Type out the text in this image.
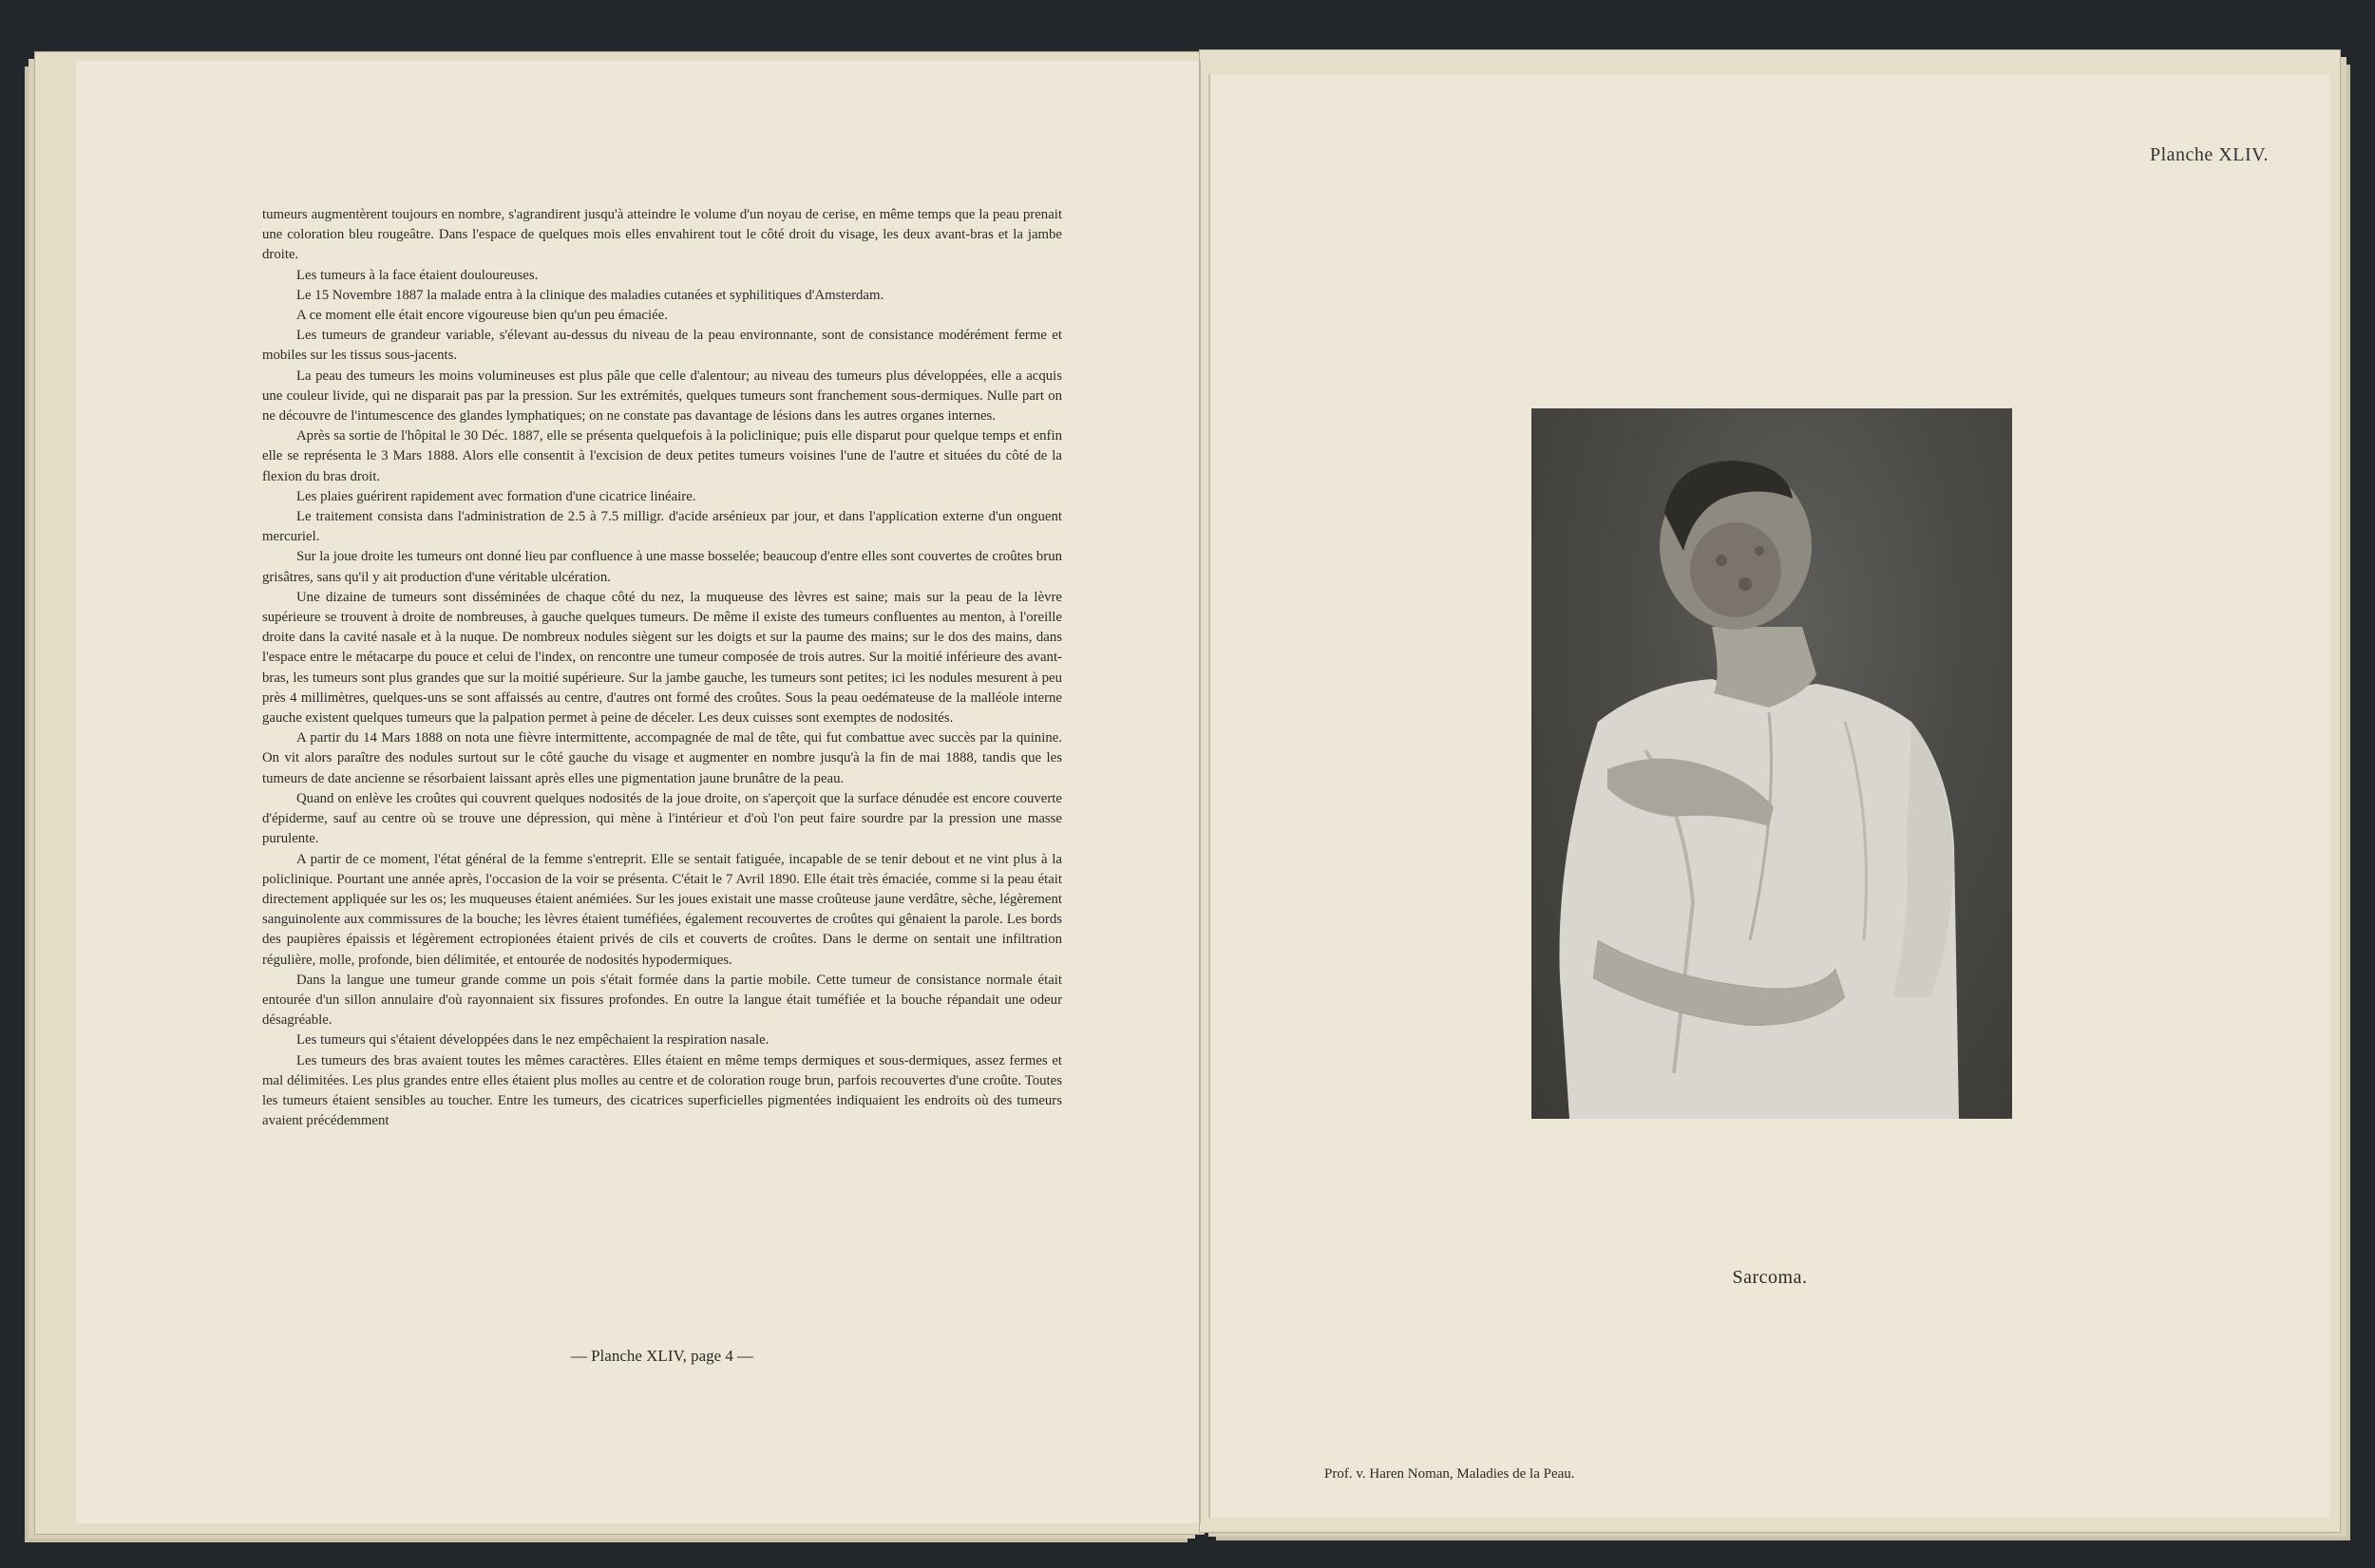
tumeurs augmentèrent toujours en nombre, s'agrandirent jusqu'à atteindre le volume d'un noyau de cerise, en même temps que la peau prenait une coloration bleu rougeâtre. Dans l'espace de quelques mois elles envahirent tout le côté droit du visage, les deux avant-bras et la jambe droite.

Les tumeurs à la face étaient douloureuses.

Le 15 Novembre 1887 la malade entra à la clinique des maladies cutanées et syphilitiques d'Amsterdam.

A ce moment elle était encore vigoureuse bien qu'un peu émaciée.

Les tumeurs de grandeur variable, s'élevant au-dessus du niveau de la peau environnante, sont de consistance modérément ferme et mobiles sur les tissus sous-jacents.

La peau des tumeurs les moins volumineuses est plus pâle que celle d'alentour; au niveau des tumeurs plus développées, elle a acquis une couleur livide, qui ne disparait pas par la pression. Sur les extrémités, quelques tumeurs sont franchement sous-dermiques. Nulle part on ne découvre de l'intumescence des glandes lymphatiques; on ne constate pas davantage de lésions dans les autres organes internes.

Après sa sortie de l'hôpital le 30 Déc. 1887, elle se présenta quelquefois à la policlinique; puis elle disparut pour quelque temps et enfin elle se représenta le 3 Mars 1888. Alors elle consentit à l'excision de deux petites tumeurs voisines l'une de l'autre et situées du côté de la flexion du bras droit.

Les plaies guérirent rapidement avec formation d'une cicatrice linéaire.

Le traitement consista dans l'administration de 2.5 à 7.5 milligr. d'acide arsénieux par jour, et dans l'application externe d'un onguent mercuriel.

Sur la joue droite les tumeurs ont donné lieu par confluence à une masse bosselée; beaucoup d'entre elles sont couvertes de croûtes brun grisâtres, sans qu'il y ait production d'une véritable ulcération.

Une dizaine de tumeurs sont disséminées de chaque côté du nez, la muqueuse des lèvres est saine; mais sur la peau de la lèvre supérieure se trouvent à droite de nombreuses, à gauche quelques tumeurs. De même il existe des tumeurs confluentes au menton, à l'oreille droite dans la cavité nasale et à la nuque. De nombreux nodules siègent sur les doigts et sur la paume des mains; sur le dos des mains, dans l'espace entre le métacarpe du pouce et celui de l'index, on rencontre une tumeur composée de trois autres. Sur la moitié inférieure des avant-bras, les tumeurs sont plus grandes que sur la moitié supérieure. Sur la jambe gauche, les tumeurs sont petites; ici les nodules mesurent à peu près 4 millimètres, quelques-uns se sont affaissés au centre, d'autres ont formé des croûtes. Sous la peau oedémateuse de la malléole interne gauche existent quelques tumeurs que la palpation permet à peine de déceler. Les deux cuisses sont exemptes de nodosités.

A partir du 14 Mars 1888 on nota une fièvre intermittente, accompagnée de mal de tête, qui fut combattue avec succès par la quinine. On vit alors paraître des nodules surtout sur le côté gauche du visage et augmenter en nombre jusqu'à la fin de mai 1888, tandis que les tumeurs de date ancienne se résorbaient laissant après elles une pigmentation jaune brunâtre de la peau.

Quand on enlève les croûtes qui couvrent quelques nodosités de la joue droite, on s'aperçoit que la surface dénudée est encore couverte d'épiderme, sauf au centre où se trouve une dépression, qui mène à l'intérieur et d'où l'on peut faire sourdre par la pression une masse purulente.

A partir de ce moment, l'état général de la femme s'entreprit. Elle se sentait fatiguée, incapable de se tenir debout et ne vint plus à la policlinique. Pourtant une année après, l'occasion de la voir se présenta. C'était le 7 Avril 1890. Elle était très émaciée, comme si la peau était directement appliquée sur les os; les muqueuses étaient anémiées. Sur les joues existait une masse croûteuse jaune verdâtre, sèche, légèrement sanguinolente aux commissures de la bouche; les lèvres étaient tuméfiées, également recouvertes de croûtes qui gênaient la parole. Les bords des paupières épaissis et légèrement ectropionées étaient privés de cils et couverts de croûtes. Dans le derme on sentait une infiltration régulière, molle, profonde, bien délimitée, et entourée de nodosités hypodermiques.

Dans la langue une tumeur grande comme un pois s'était formée dans la partie mobile. Cette tumeur de consistance normale était entourée d'un sillon annulaire d'où rayonnaient six fissures profondes. En outre la langue était tuméfiée et la bouche répandait une odeur désagréable.

Les tumeurs qui s'étaient développées dans le nez empêchaient la respiration nasale.

Les tumeurs des bras avaient toutes les mêmes caractères. Elles étaient en même temps dermiques et sous-dermiques, assez fermes et mal délimitées. Les plus grandes entre elles étaient plus molles au centre et de coloration rouge brun, parfois recouvertes d'une croûte. Toutes les tumeurs étaient sensibles au toucher. Entre les tumeurs, des cicatrices superficielles pigmentées indiquaient les endroits où des tumeurs avaient précédemment

— Planche XLIV, page 4 —
Planche XLIV.
Sarcoma.
Prof. v. Haren Noman, Maladies de la Peau.
